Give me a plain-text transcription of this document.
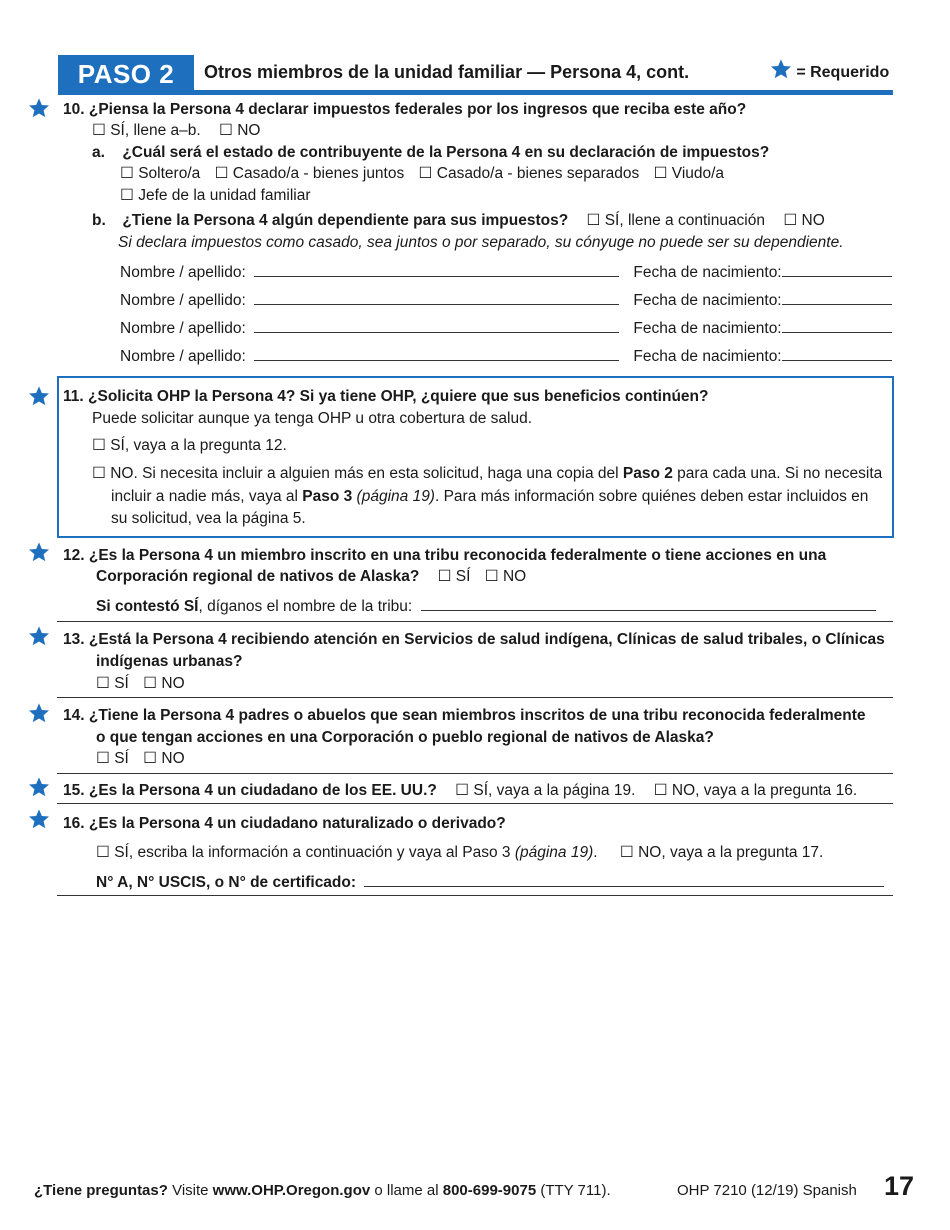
PASO 2	Otros miembros de la unidad familiar — Persona 4, cont.	= Requerido
10. ¿Piensa la Persona 4 declarar impuestos federales por los ingresos que reciba este año?
☐ SÍ, llene a–b. ☐ NO
a. ¿Cuál será el estado de contribuyente de la Persona 4 en su declaración de impuestos?
☐ Soltero/a ☐ Casado/a - bienes juntos ☐ Casado/a - bienes separados ☐ Viudo/a
☐ Jefe de la unidad familiar
b. ¿Tiene la Persona 4 algún dependiente para sus impuestos? ☐ SÍ, llene a continuación ☐ NO
Si declara impuestos como casado, sea juntos o por separado, su cónyuge no puede ser su dependiente.
Nombre / apellido:	Fecha de nacimiento:
Nombre / apellido:	Fecha de nacimiento:
Nombre / apellido:	Fecha de nacimiento:
Nombre / apellido:	Fecha de nacimiento:
11. ¿Solicita OHP la Persona 4? Si ya tiene OHP, ¿quiere que sus beneficios continúen?
Puede solicitar aunque ya tenga OHP u otra cobertura de salud.
☐ SÍ, vaya a la pregunta 12.
☐ NO. Si necesita incluir a alguien más en esta solicitud, haga una copia del Paso 2 para cada una. Si no necesita
incluir a nadie más, vaya al Paso 3 (página 19). Para más información sobre quiénes deben estar incluidos en
su solicitud, vea la página 5.
12. ¿Es la Persona 4 un miembro inscrito en una tribu reconocida federalmente o tiene acciones en una
Corporación regional de nativos de Alaska? ☐ SÍ ☐ NO
Si contestó SÍ, díganos el nombre de la tribu:
13. ¿Está la Persona 4 recibiendo atención en Servicios de salud indígena, Clínicas de salud tribales, o Clínicas
indígenas urbanas?
☐ SÍ ☐ NO
14. ¿Tiene la Persona 4 padres o abuelos que sean miembros inscritos de una tribu reconocida federalmente
o que tengan acciones en una Corporación o pueblo regional de nativos de Alaska?
☐ SÍ ☐ NO
15. ¿Es la Persona 4 un ciudadano de los EE. UU.? ☐ SÍ, vaya a la página 19. ☐ NO, vaya a la pregunta 16.
16. ¿Es la Persona 4 un ciudadano naturalizado o derivado?
☐ SÍ, escriba la información a continuación y vaya al Paso 3 (página 19). ☐ NO, vaya a la pregunta 17.
N° A, N° USCIS, o N° de certificado:
¿Tiene preguntas? Visite www.OHP.Oregon.gov o llame al 800-699-9075 (TTY 711).	OHP 7210 (12/19) Spanish 17
